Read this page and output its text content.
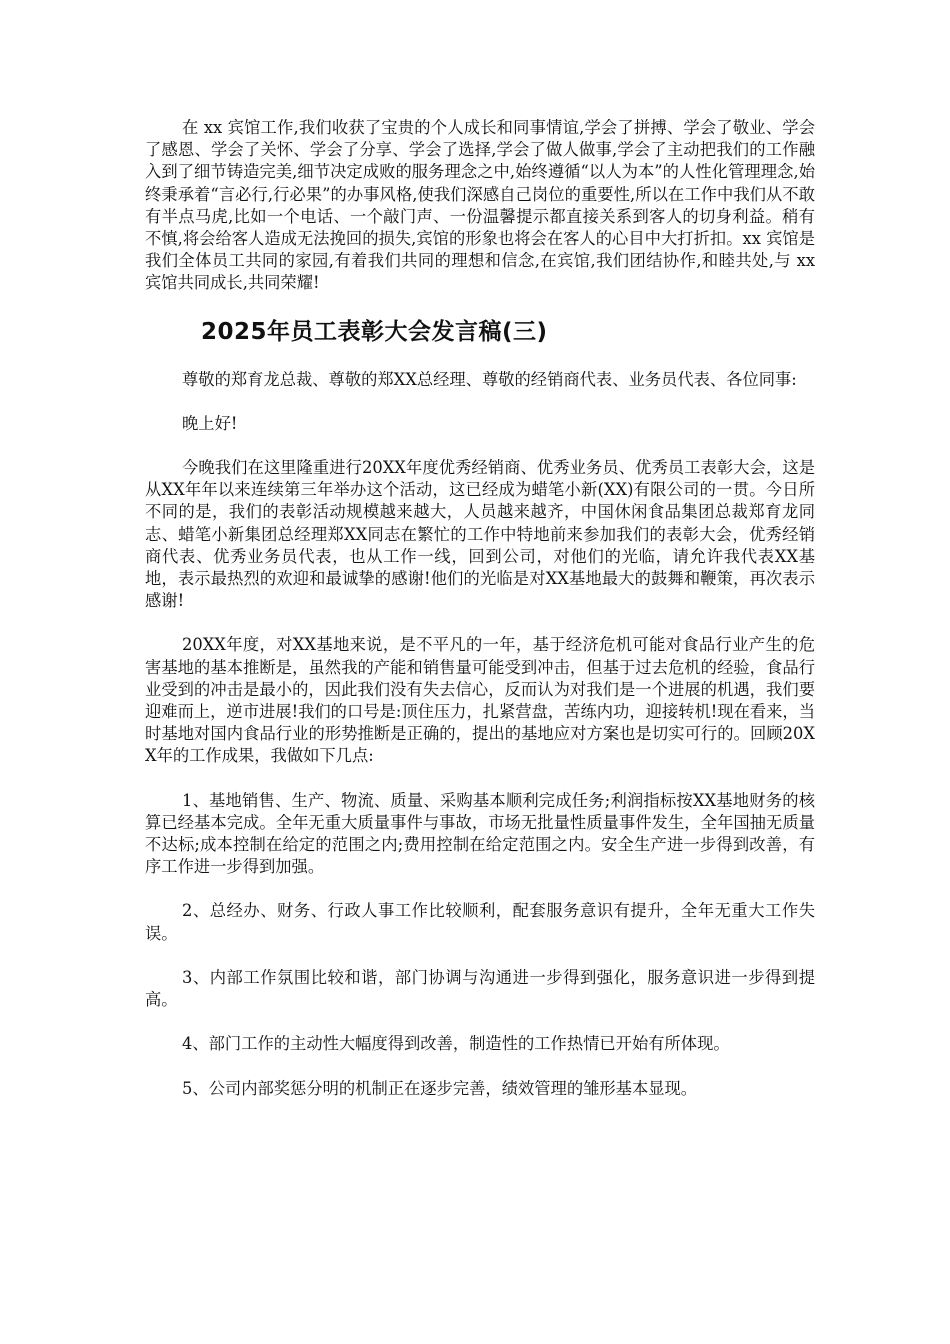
在 xx 宾馆工作,我们收获了宝贵的个人成长和同事情谊,学会了拼搏、学会了敬业、学会了感恩、学会了关怀、学会了分享、学会了选择,学会了做人做事,学会了主动把我们的工作融入到了细节铸造完美,细节决定成败的服务理念之中,始终遵循“以人为本”的人性化管理理念,始终秉承着“言必行,行必果”的办事风格,使我们深感自己岗位的重要性,所以在工作中我们从不敢有半点马虎,比如一个电话、一个敲门声、一份温馨提示都直接关系到客人的切身利益。稍有不慎,将会给客人造成无法挽回的损失,宾馆的形象也将会在客人的心目中大打折扣。xx 宾馆是我们全体员工共同的家园,有着我们共同的理想和信念,在宾馆,我们团结协作,和睦共处,与 xx 宾馆共同成长,共同荣耀!

2025年员工表彰大会发言稿(三)

尊敬的郑育龙总裁、尊敬的郑XX总经理、尊敬的经销商代表、业务员代表、各位同事:

晚上好!

今晚我们在这里隆重进行20XX年度优秀经销商、优秀业务员、优秀员工表彰大会，这是从XX年年以来连续第三年举办这个活动，这已经成为蜡笔小新(XX)有限公司的一贯。今日所不同的是，我们的表彰活动规模越来越大，人员越来越齐，中国休闲食品集团总裁郑育龙同志、蜡笔小新集团总经理郑XX同志在繁忙的工作中特地前来参加我们的表彰大会，优秀经销商代表、优秀业务员代表，也从工作一线，回到公司，对他们的光临，请允许我代表XX基地，表示最热烈的欢迎和最诚挚的感谢!他们的光临是对XX基地最大的鼓舞和鞭策，再次表示感谢!

20XX年度，对XX基地来说，是不平凡的一年，基于经济危机可能对食品行业产生的危害基地的基本推断是，虽然我的产能和销售量可能受到冲击，但基于过去危机的经验，食品行业受到的冲击是最小的，因此我们没有失去信心，反而认为对我们是一个进展的机遇，我们要迎难而上，逆市进展!我们的口号是:顶住压力，扎紧营盘，苦练内功，迎接转机!现在看来，当时基地对国内食品行业的形势推断是正确的，提出的基地应对方案也是切实可行的。回顾20XX年的工作成果，我做如下几点:

1、基地销售、生产、物流、质量、采购基本顺利完成任务;利润指标按XX基地财务的核算已经基本完成。全年无重大质量事件与事故，市场无批量性质量事件发生，全年国抽无质量不达标;成本控制在给定的范围之内;费用控制在给定范围之内。安全生产进一步得到改善，有序工作进一步得到加强。

2、总经办、财务、行政人事工作比较顺利，配套服务意识有提升，全年无重大工作失误。

3、内部工作氛围比较和谐，部门协调与沟通进一步得到强化，服务意识进一步得到提高。

4、部门工作的主动性大幅度得到改善，制造性的工作热情已开始有所体现。

5、公司内部奖惩分明的机制正在逐步完善，绩效管理的雏形基本显现。
